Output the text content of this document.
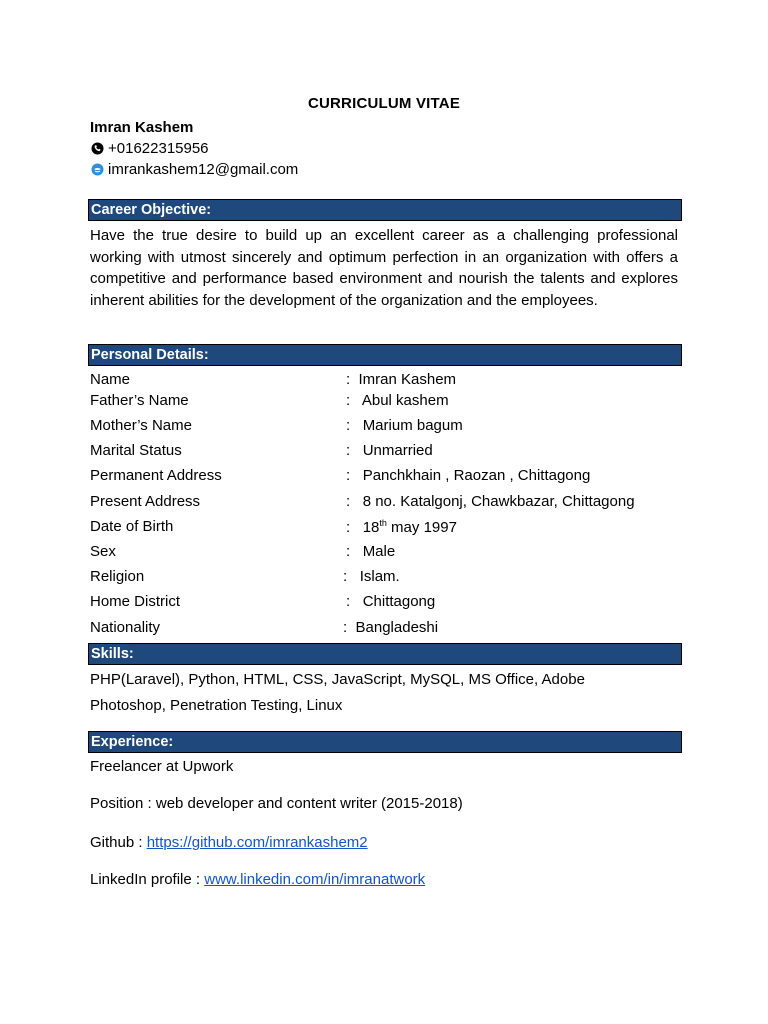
CURRICULUM VITAE
Imran Kashem
+01622315956
imrankashem12@gmail.com
Career Objective:
Have the true desire to build up an excellent career as a challenging professional working with utmost sincerely and optimum perfection in an organization with offers a competitive and performance based environment and nourish the talents and explores inherent abilities for the development of the organization and the employees.
Personal Details:
Name	: Imran Kashem
Father’s Name	: Abul kashem
Mother’s Name	: Marium bagum
Marital Status	: Unmarried
Permanent Address	: Panchkhain , Raozan , Chittagong
Present Address	: 8 no. Katalgonj, Chawkbazar, Chittagong
Date of Birth	: 18th may 1997
Sex	: Male
Religion	: Islam.
Home District	: Chittagong
Nationality	: Bangladeshi
Skills:
PHP(Laravel), Python, HTML, CSS, JavaScript, MySQL, MS Office, Adobe Photoshop, Penetration Testing, Linux
Experience:
Freelancer at Upwork
Position : web developer and content writer (2015-2018)
Github : https://github.com/imrankashem2
LinkedIn profile : www.linkedin.com/in/imranatwork
